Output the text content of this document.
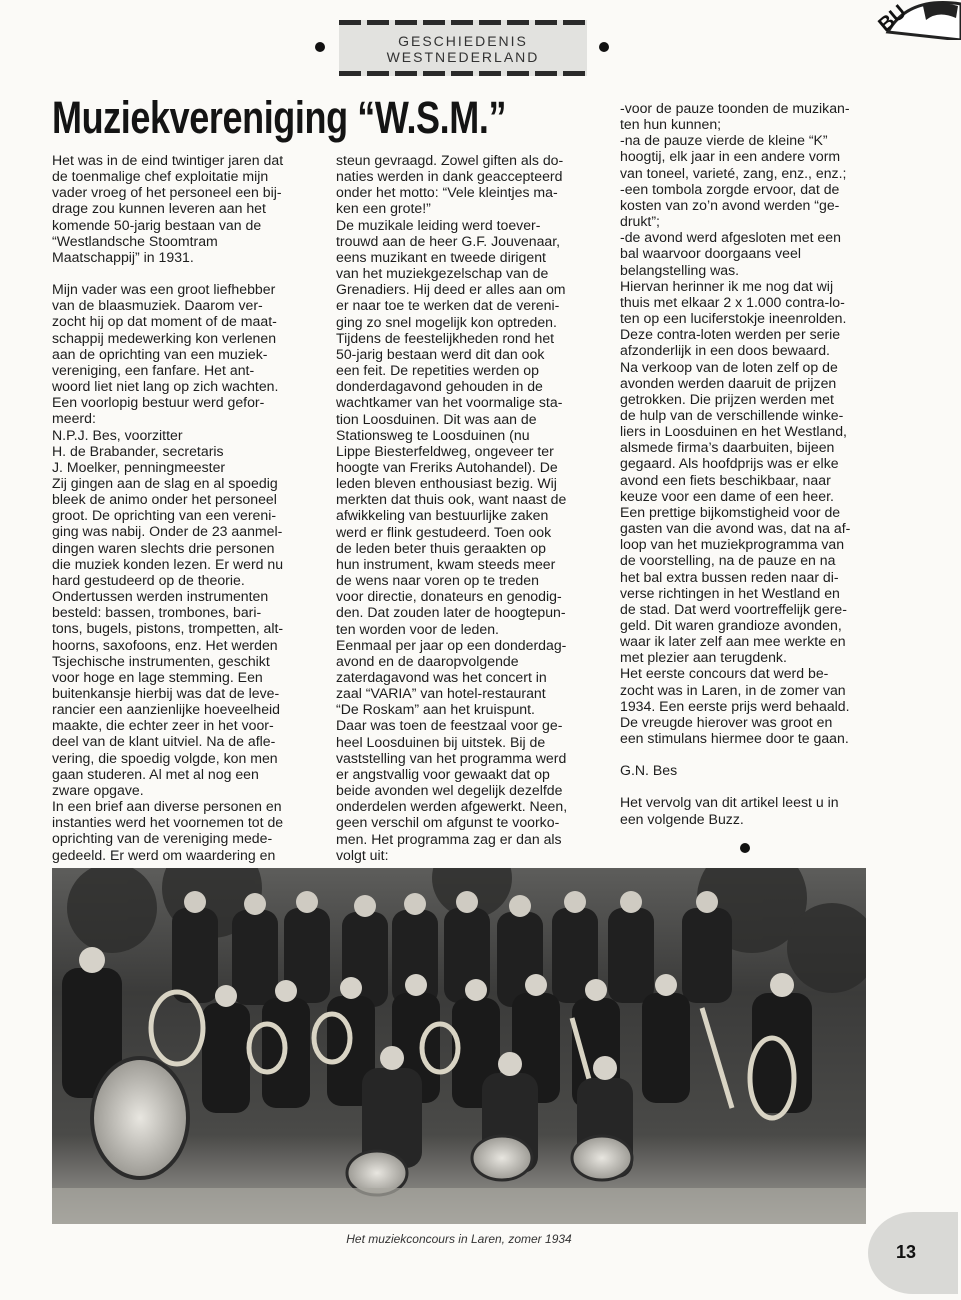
BU
GESCHIEDENIS
WESTNEDERLAND
Muziekvereniging “W.S.M.”

Het was in de eind twintiger jaren dat
de toenmalige chef exploitatie mijn
vader vroeg of het personeel een bij-
drage zou kunnen leveren aan het
komende 50-jarig bestaan van de
“Westlandsche Stoomtram
Maatschappij” in 1931.

Mijn vader was een groot liefhebber
van de blaasmuziek. Daarom ver-
zocht hij op dat moment of de maat-
schappij medewerking kon verlenen
aan de oprichting van een muziek-
vereniging, een fanfare. Het ant-
woord liet niet lang op zich wachten.
Een voorlopig bestuur werd gefor-
meerd:
N.P.J. Bes, voorzitter
H. de Brabander, secretaris
J. Moelker, penningmeester
Zij gingen aan de slag en al spoedig
bleek de animo onder het personeel
groot. De oprichting van een vereni-
ging was nabij. Onder de 23 aanmel-
dingen waren slechts drie personen
die muziek konden lezen. Er werd nu
hard gestudeerd op de theorie.
Ondertussen werden instrumenten
besteld: bassen, trombones, bari-
tons, bugels, pistons, trompetten, alt-
hoorns, saxofoons, enz. Het werden
Tsjechische instrumenten, geschikt
voor hoge en lage stemming. Een
buitenkansje hierbij was dat de leve-
rancier een aanzienlijke hoeveelheid
maakte, die echter zeer in het voor-
deel van de klant uitviel. Na de afle-
vering, die spoedig volgde, kon men
gaan studeren. Al met al nog een
zware opgave.
In een brief aan diverse personen en
instanties werd het voornemen tot de
oprichting van de vereniging mede-
gedeeld. Er werd om waardering en

steun gevraagd. Zowel giften als do-
naties werden in dank geaccepteerd
onder het motto: “Vele kleintjes ma-
ken een grote!”
De muzikale leiding werd toever-
trouwd aan de heer G.F. Jouvenaar,
eens muzikant en tweede dirigent
van het muziekgezelschap van de
Grenadiers. Hij deed er alles aan om
er naar toe te werken dat de vereni-
ging zo snel mogelijk kon optreden.
Tijdens de feestelijkheden rond het
50-jarig bestaan werd dit dan ook
een feit. De repetities werden op
donderdagavond gehouden in de
wachtkamer van het voormalige sta-
tion Loosduinen. Dit was aan de
Stationsweg te Loosduinen (nu
Lippe Biesterfeldweg, ongeveer ter
hoogte van Freriks Autohandel). De
leden bleven enthousiast bezig. Wij
merkten dat thuis ook, want naast de
afwikkeling van bestuurlijke zaken
werd er flink gestudeerd. Toen ook
de leden beter thuis geraakten op
hun instrument, kwam steeds meer
de wens naar voren op te treden
voor directie, donateurs en genodig-
den. Dat zouden later de hoogtepun-
ten worden voor de leden.
Eenmaal per jaar op een donderdag-
avond en de daaropvolgende
zaterdagavond was het concert in
zaal “VARIA” van hotel-restaurant
“De Roskam” aan het kruispunt.
Daar was toen de feestzaal voor ge-
heel Loosduinen bij uitstek. Bij de
vaststelling van het programma werd
er angstvallig voor gewaakt dat op
beide avonden wel degelijk dezelfde
onderdelen werden afgewerkt. Neen,
geen verschil om afgunst te voorko-
men. Het programma zag er dan als
volgt uit:

-voor de pauze toonden de muzikan-
ten hun kunnen;
-na de pauze vierde de kleine “K”
hoogtij, elk jaar in een andere vorm
van toneel, varieté, zang, enz., enz.;
-een tombola zorgde ervoor, dat de
kosten van zo’n avond werden “ge-
drukt”;
-de avond werd afgesloten met een
bal waarvoor doorgaans veel
belangstelling was.
Hiervan herinner ik me nog dat wij
thuis met elkaar 2 x 1.000 contra-lo-
ten op een luciferstokje ineenrolden.
Deze contra-loten werden per serie
afzonderlijk in een doos bewaard.
Na verkoop van de loten zelf op de
avonden werden daaruit de prijzen
getrokken. Die prijzen werden met
de hulp van de verschillende winke-
liers in Loosduinen en het Westland,
alsmede firma’s daarbuiten, bijeen
gegaard. Als hoofdprijs was er elke
avond een fiets beschikbaar, naar
keuze voor een dame of een heer.
Een prettige bijkomstigheid voor de
gasten van die avond was, dat na af-
loop van het muziekprogramma van
de voorstelling, na de pauze en na
het bal extra bussen reden naar di-
verse richtingen in het Westland en
de stad. Dat werd voortreffelijk gere-
geld. Dit waren grandioze avonden,
waar ik later zelf aan mee werkte en
met plezier aan terugdenk.
Het eerste concours dat werd be-
zocht was in Laren, in de zomer van
1934. Een eerste prijs werd behaald.
De vreugde hierover was groot en
een stimulans hiermee door te gaan.

G.N. Bes

Het vervolg van dit artikel leest u in
een volgende Buzz.

Het muziekconcours in Laren, zomer 1934
13
